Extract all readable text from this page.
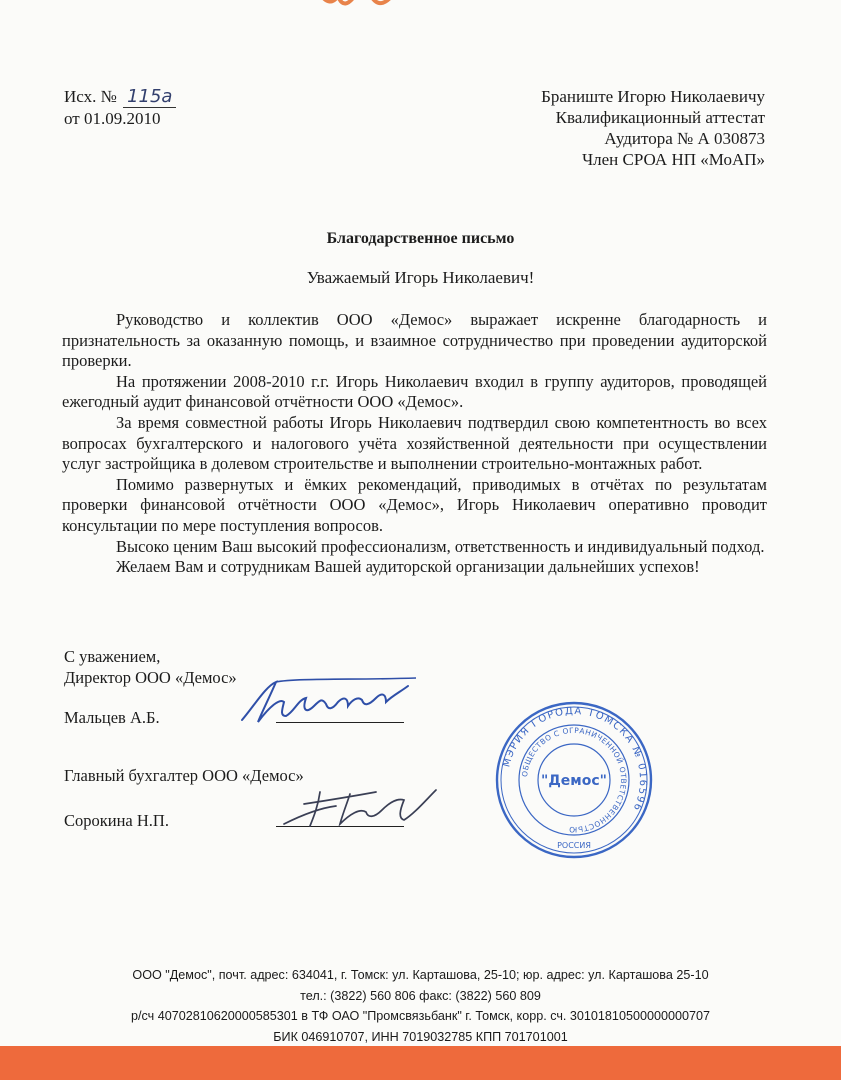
Исх. № 115а
от 01.09.2010
Браниште Игорю Николаевичу
Квалификационный аттестат
Аудитора № А 030873
Член СРОА НП «МоАП»
Благодарственное письмо
Уважаемый Игорь Николаевич!

Руководство и коллектив ООО «Демос» выражает искренне благодарность и признательность за оказанную помощь, и взаимное сотрудничество при проведении аудиторской проверки.

На протяжении 2008-2010 г.г. Игорь Николаевич входил в группу аудиторов, проводящей ежегодный аудит финансовой отчётности ООО «Демос».

За время совместной работы Игорь Николаевич подтвердил свою компетентность во всех вопросах бухгалтерского и налогового учёта хозяйственной деятельности при осуществлении услуг застройщика в долевом строительстве и выполнении строительно-монтажных работ.

Помимо развернутых и ёмких рекомендаций, приводимых в отчётах по результатам проверки финансовой отчётности ООО «Демос», Игорь Николаевич оперативно проводит консультации по мере поступления вопросов.

Высоко ценим Ваш высокий профессионализм, ответственность и индивидуальный подход.

Желаем Вам и сотрудникам Вашей аудиторской организации дальнейших успехов!

С уважением,
Директор ООО «Демос»
Мальцев А.Б.
Главный бухгалтер ООО «Демос»
Сорокина Н.П.
МЭРИЯ ГОРОДА ТОМСКА № 016596
ОБЩЕСТВО С ОГРАНИЧЕННОЙ ОТВЕТСТВЕННОСТЬЮ
"Демос"
РОССИЯ
ООО "Демос", почт. адрес: 634041, г. Томск: ул. Карташова, 25-10; юр. адрес: ул. Карташова 25-10
тел.: (3822) 560 806 факс: (3822) 560 809
р/сч 40702810620000585301 в ТФ ОАО "Промсвязьбанк" г. Томск, корр. сч. 30101810500000000707
БИК 046910707, ИНН 7019032785 КПП 701701001
